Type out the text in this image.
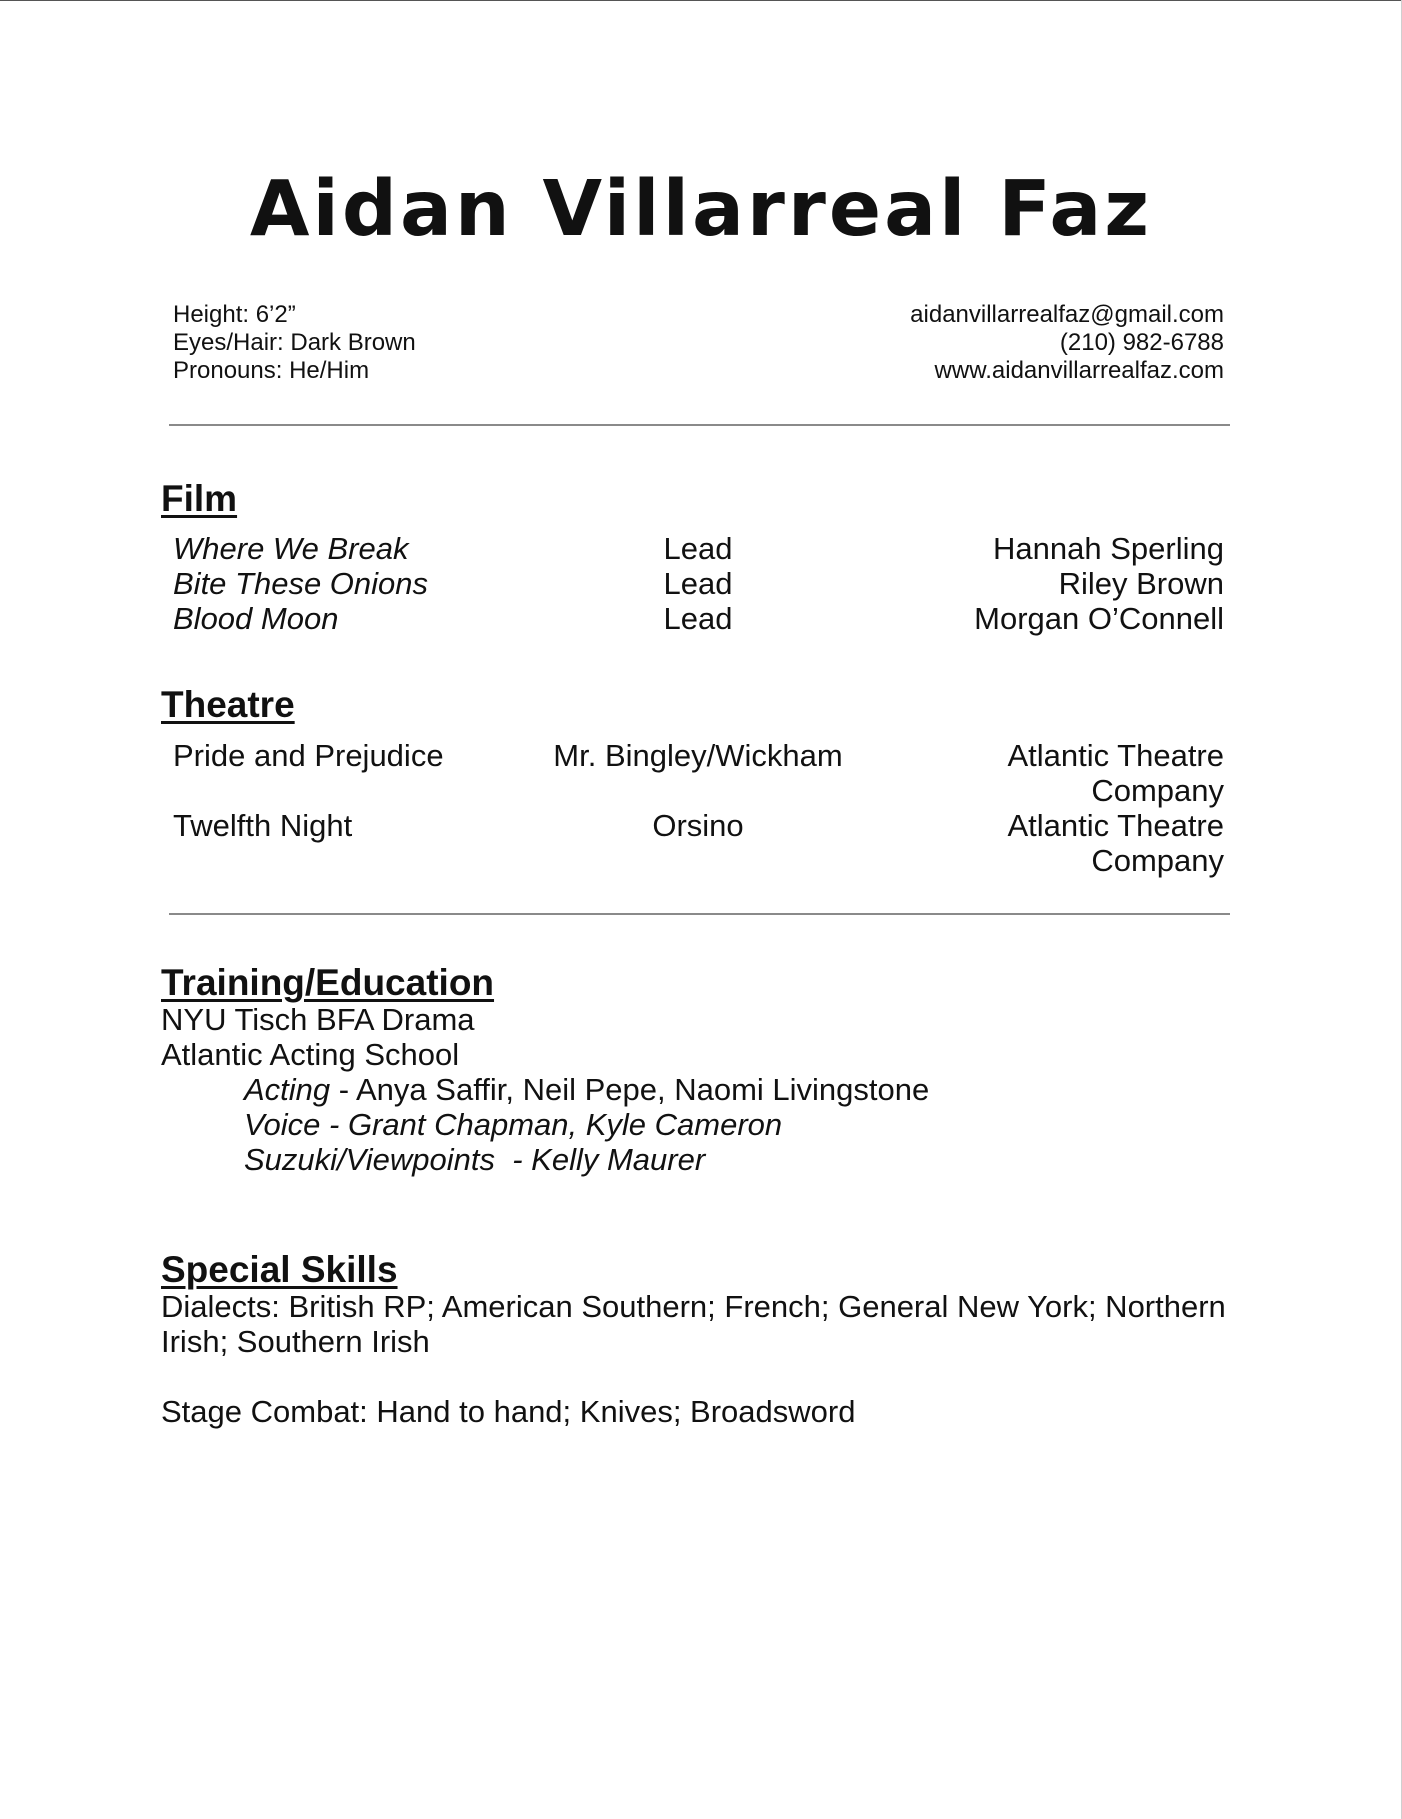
Aidan Villarreal Faz
Height: 6’2”
Eyes/Hair: Dark Brown
Pronouns: He/Him
aidanvillarrealfaz@gmail.com
(210) 982-6788
www.aidanvillarrealfaz.com
Film
Where We Break	Lead	Hannah Sperling
Bite These Onions	Lead	Riley Brown
Blood Moon	Lead	Morgan O’Connell
Theatre
Pride and Prejudice	Mr. Bingley/Wickham	Atlantic Theatre
Company
Twelfth Night	Orsino	Atlantic Theatre
Company
Training/Education
NYU Tisch BFA Drama
Atlantic Acting School
Acting - Anya Saffir, Neil Pepe, Naomi Livingstone
Voice - Grant Chapman, Kyle Cameron
Suzuki/Viewpoints  - Kelly Maurer
Special Skills
Dialects: British RP; American Southern; French; General New York; Northern
Irish; Southern Irish
Stage Combat: Hand to hand; Knives; Broadsword
